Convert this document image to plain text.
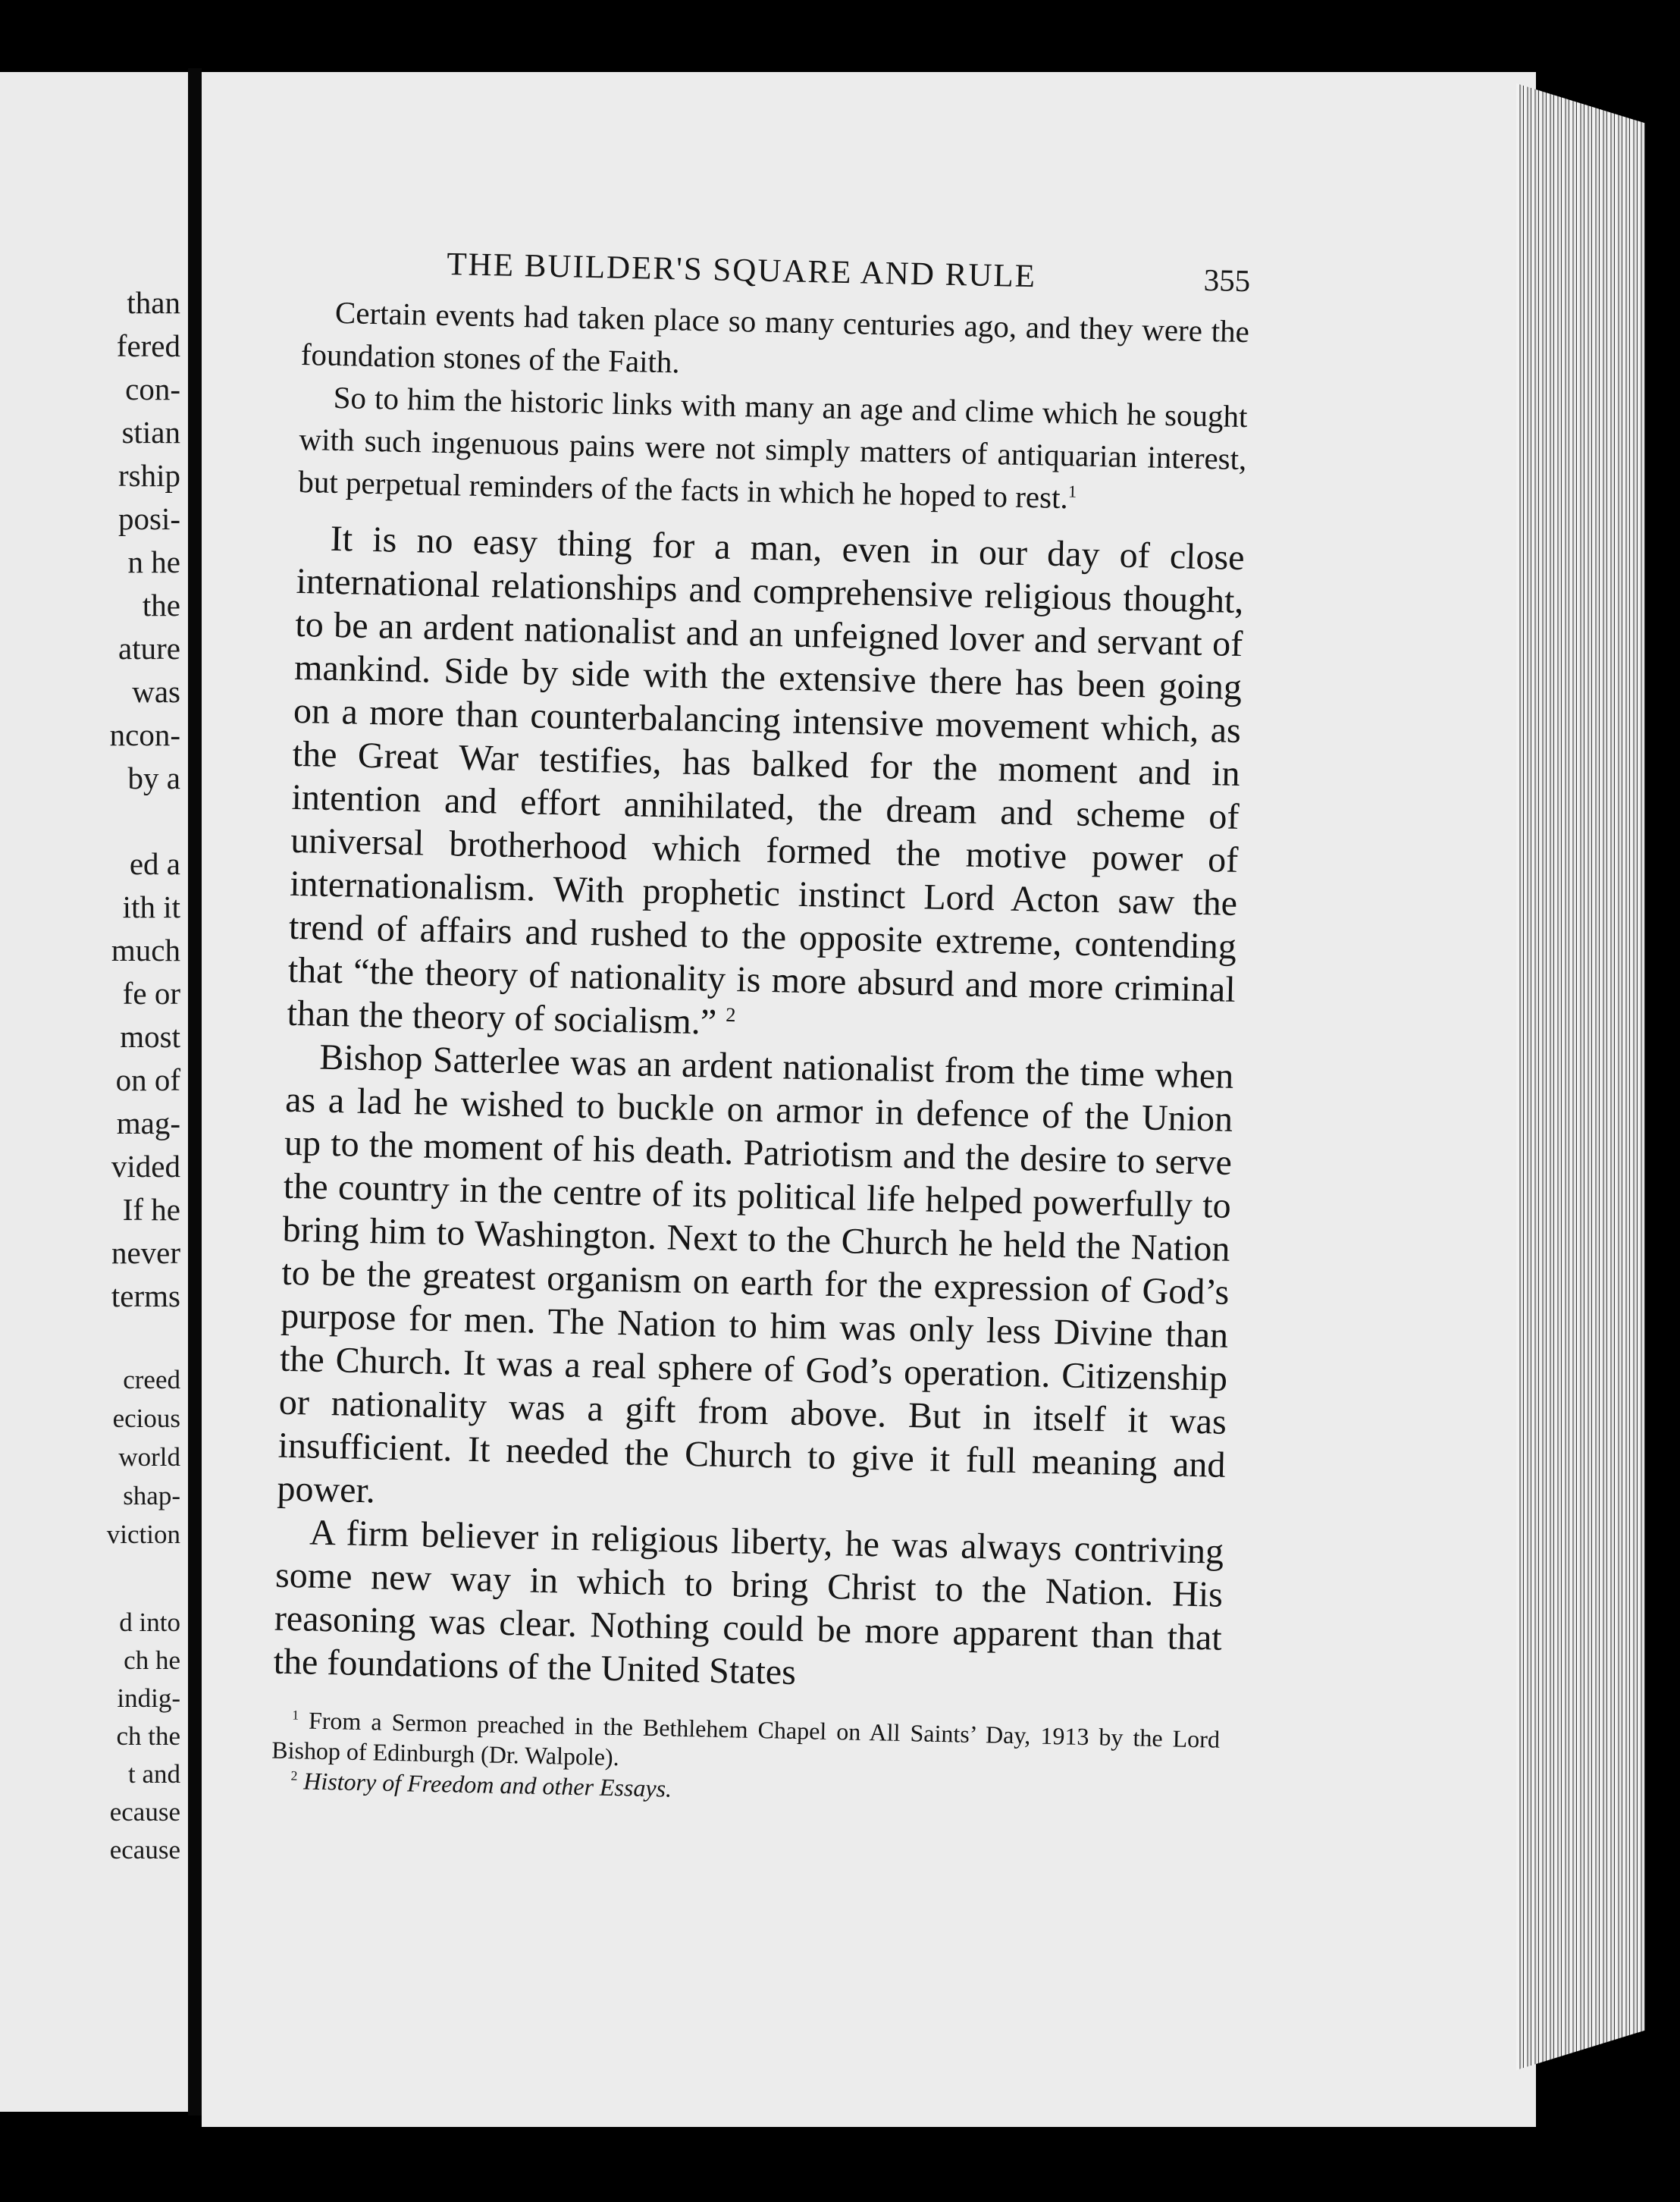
than
fered
con-
stian
rship
posi-
n he
the
ature
was
ncon-
by a
ed a
ith it
much
fe or
most
on of
mag-
vided
If he
never
terms
creed
ecious
world
shap-
viction
d into
ch he
indig-
ch the
t and
ecause
ecause
THE BUILDER'S SQUARE AND RULE	355

Certain events had taken place so many centuries ago, and they were the foundation stones of the Faith.

So to him the historic links with many an age and clime which he sought with such ingenuous pains were not simply matters of antiquarian interest, but perpetual reminders of the facts in which he hoped to rest.$^1$

It is no easy thing for a man, even in our day of close international relationships and comprehensive religious thought, to be an ardent nationalist and an unfeigned lover and servant of mankind. Side by side with the extensive there has been going on a more than counterbalancing intensive movement which, as the Great War testifies, has balked for the moment and in intention and effort annihilated, the dream and scheme of universal brotherhood which formed the motive power of internationalism. With prophetic instinct Lord Acton saw the trend of affairs and rushed to the opposite extreme, contending that “the theory of nationality is more absurd and more criminal than the theory of socialism.” $^2$

Bishop Satterlee was an ardent nationalist from the time when as a lad he wished to buckle on armor in defence of the Union up to the moment of his death. Patriotism and the desire to serve the country in the centre of its political life helped powerfully to bring him to Washington. Next to the Church he held the Nation to be the greatest organism on earth for the expression of God’s purpose for men. The Nation to him was only less Divine than the Church. It was a real sphere of God’s operation. Citizenship or nationality was a gift from above. But in itself it was insufficient. It needed the Church to give it full meaning and power.

A firm believer in religious liberty, he was always contriving some new way in which to bring Christ to the Nation. His reasoning was clear. Nothing could be more apparent than that the foundations of the United States

$^1$ From a Sermon preached in the Bethlehem Chapel on All Saints’ Day, 1913 by the Lord Bishop of Edinburgh (Dr. Walpole).

$^2$ History of Freedom and other Essays.
